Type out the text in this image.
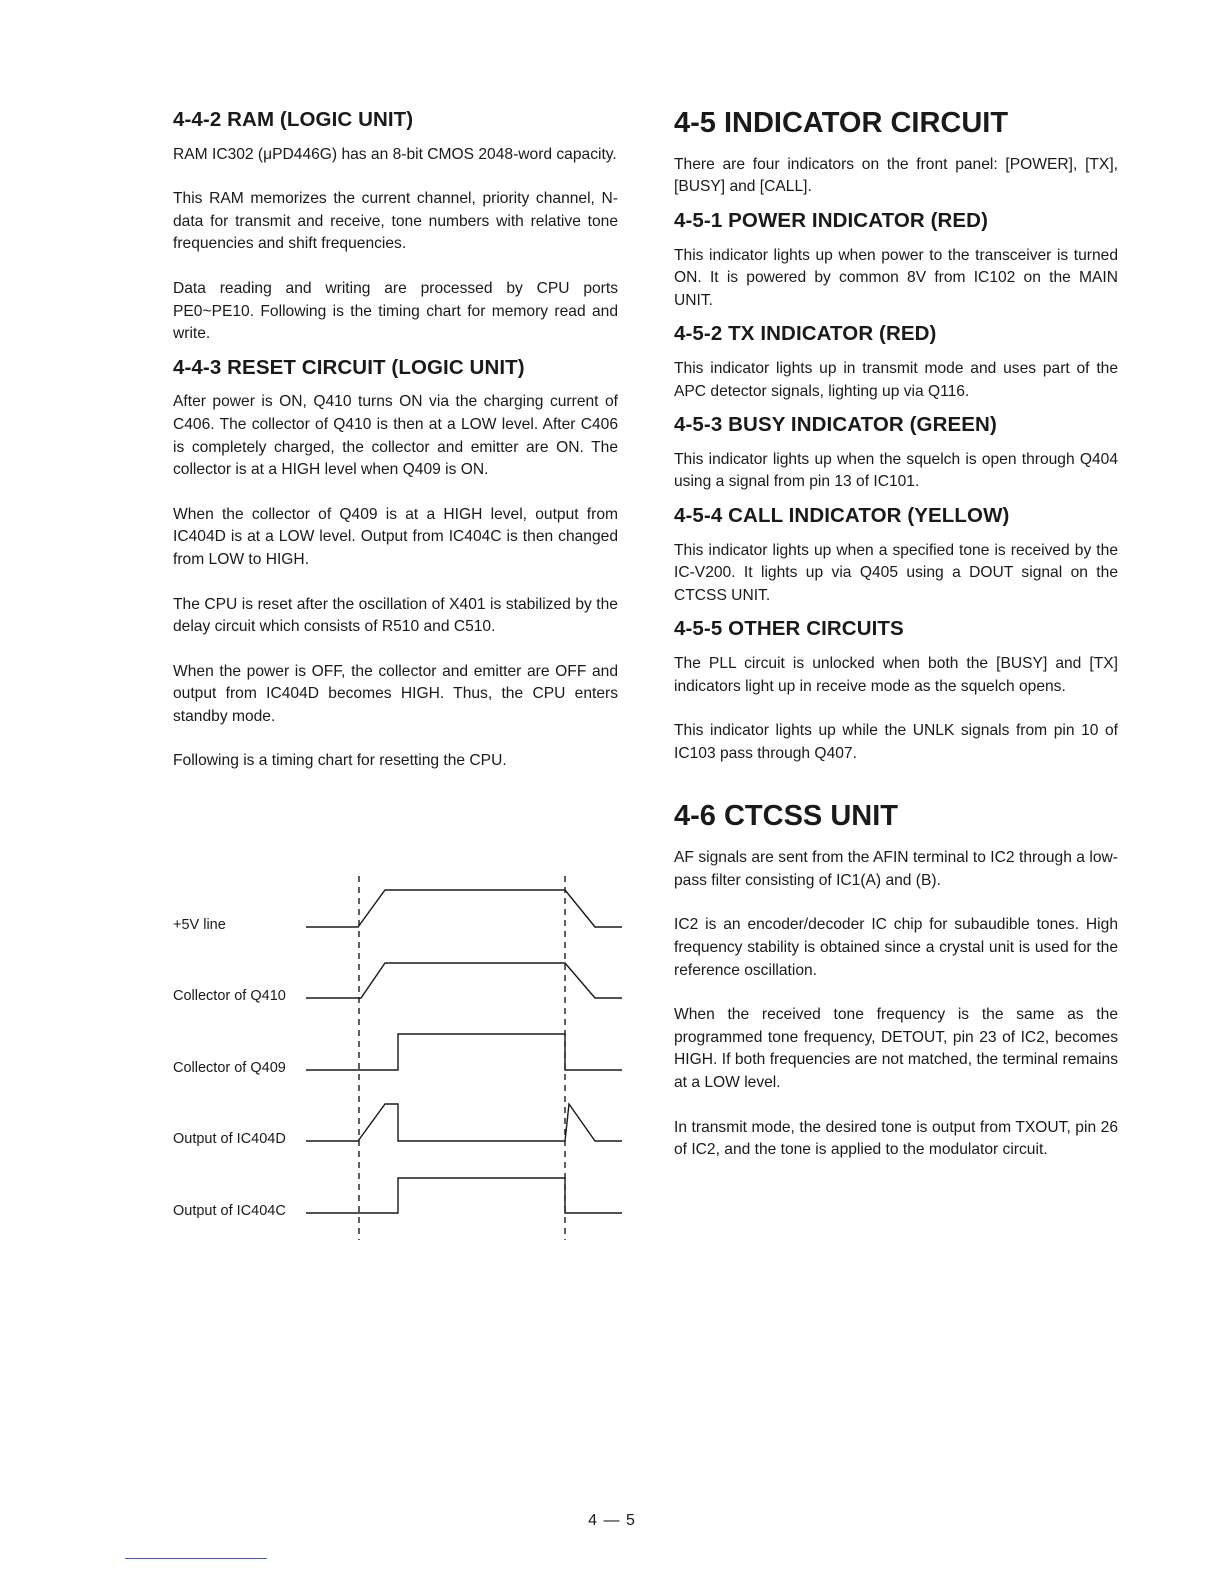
4-4-2 RAM (LOGIC UNIT)

RAM IC302 (μPD446G) has an 8-bit CMOS 2048-word capacity.

This RAM memorizes the current channel, priority channel, N-data for transmit and receive, tone numbers with relative tone frequencies and shift frequencies.

Data reading and writing are processed by CPU ports PE0~PE10. Following is the timing chart for memory read and write.

4-4-3 RESET CIRCUIT (LOGIC UNIT)

After power is ON, Q410 turns ON via the charging current of C406. The collector of Q410 is then at a LOW level. After C406 is completely charged, the collector and emitter are ON. The collector is at a HIGH level when Q409 is ON.

When the collector of Q409 is at a HIGH level, output from IC404D is at a LOW level. Output from IC404C is then changed from LOW to HIGH.

The CPU is reset after the oscillation of X401 is stabilized by the delay circuit which consists of R510 and C510.

When the power is OFF, the collector and emitter are OFF and output from IC404D becomes HIGH. Thus, the CPU enters standby mode.

Following is a timing chart for resetting the CPU.

+5V line
Collector of Q410
Collector of Q409
Output of IC404D
Output of IC404C
4-5 INDICATOR CIRCUIT

There are four indicators on the front panel: [POWER], [TX], [BUSY] and [CALL].

4-5-1 POWER INDICATOR (RED)

This indicator lights up when power to the transceiver is turned ON. It is powered by common 8V from IC102 on the MAIN UNIT.

4-5-2 TX INDICATOR (RED)

This indicator lights up in transmit mode and uses part of the APC detector signals, lighting up via Q116.

4-5-3 BUSY INDICATOR (GREEN)

This indicator lights up when the squelch is open through Q404 using a signal from pin 13 of IC101.

4-5-4 CALL INDICATOR (YELLOW)

This indicator lights up when a specified tone is received by the IC-V200. It lights up via Q405 using a DOUT signal on the CTCSS UNIT.

4-5-5 OTHER CIRCUITS

The PLL circuit is unlocked when both the [BUSY] and [TX] indicators light up in receive mode as the squelch opens.

This indicator lights up while the UNLK signals from pin 10 of IC103 pass through Q407.

4-6 CTCSS UNIT

AF signals are sent from the AFIN terminal to IC2 through a low-pass filter consisting of IC1(A) and (B).

IC2 is an encoder/decoder IC chip for subaudible tones. High frequency stability is obtained since a crystal unit is used for the reference oscillation.

When the received tone frequency is the same as the programmed tone frequency, DETOUT, pin 23 of IC2, becomes HIGH. If both frequencies are not matched, the terminal remains at a LOW level.

In transmit mode, the desired tone is output from TXOUT, pin 26 of IC2, and the tone is applied to the modulator circuit.

4 — 5
